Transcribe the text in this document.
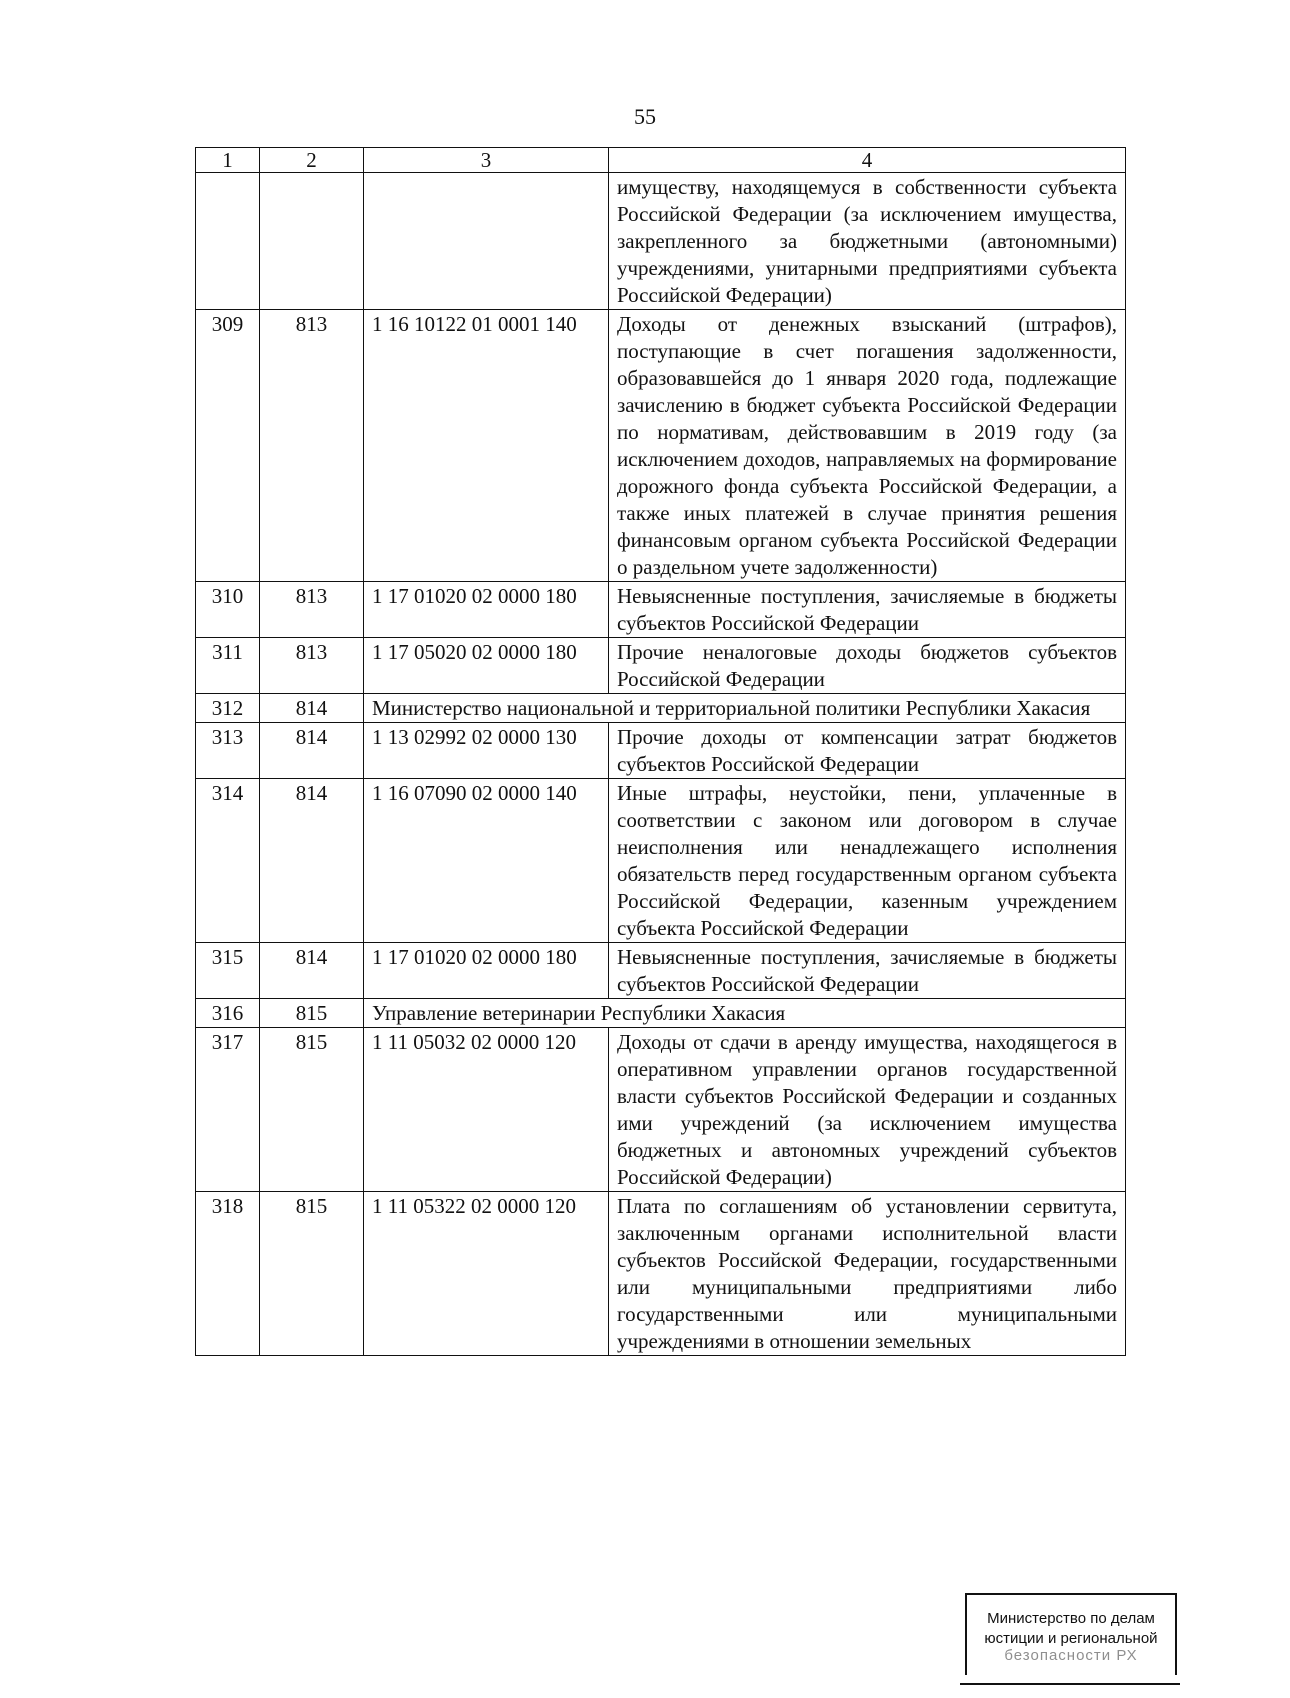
55
1	2	3	4
			имуществу, находящемуся в собственности субъекта Российской Федерации (за исключением имущества, закрепленного за бюджетными (автономными) учреждениями, унитарными предприятиями субъекта Российской Федерации)
309	813	1 16 10122 01 0001 140	Доходы от денежных взысканий (штрафов), поступающие в счет погашения задолженности, образовавшейся до 1 января 2020 года, подлежащие зачислению в бюджет субъекта Российской Федерации по нормативам, действовавшим в 2019 году (за исключением доходов, направляемых на формирование дорожного фонда субъекта Российской Федерации, а также иных платежей в случае принятия решения финансовым органом субъекта Российской Федерации о раздельном учете задолженности)
310	813	1 17 01020 02 0000 180	Невыясненные поступления, зачисляемые в бюджеты субъектов Российской Федерации
311	813	1 17 05020 02 0000 180	Прочие неналоговые доходы бюджетов субъектов Российской Федерации
312	814	Министерство национальной и территориальной политики Республики Хакасия	
313	814	1 13 02992 02 0000 130	Прочие доходы от компенсации затрат бюджетов субъектов Российской Федерации
314	814	1 16 07090 02 0000 140	Иные штрафы, неустойки, пени, уплаченные в соответствии с законом или договором в случае неисполнения или ненадлежащего исполнения обязательств перед государственным органом субъекта Российской Федерации, казенным учреждением субъекта Российской Федерации
315	814	1 17 01020 02 0000 180	Невыясненные поступления, зачисляемые в бюджеты субъектов Российской Федерации
316	815	Управление ветеринарии Республики Хакасия	
317	815	1 11 05032 02 0000 120	Доходы от сдачи в аренду имущества, находящегося в оперативном управлении органов государственной власти субъектов Российской Федерации и созданных ими учреждений (за исключением имущества бюджетных и автономных учреждений субъектов Российской Федерации)
318	815	1 11 05322 02 0000 120	Плата по соглашениям об установлении сервитута, заключенным органами исполнительной власти субъектов Российской Федерации, государственными или муниципальными предприятиями либо государственными или муниципальными учреждениями в отношении земельных
Министерство по делам
юстиции и региональной
безопасности РХ
